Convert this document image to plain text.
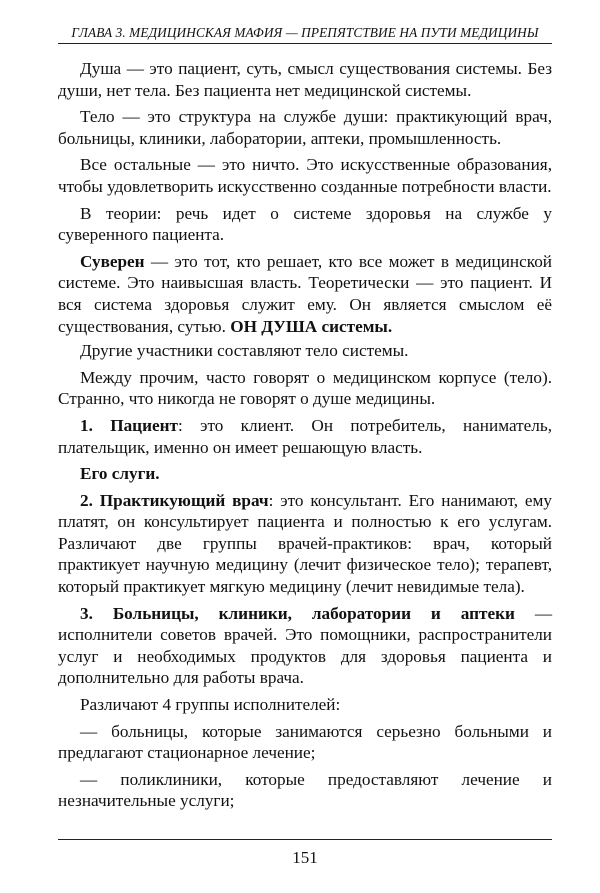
ГЛАВА 3. МЕДИЦИНСКАЯ МАФИЯ — ПРЕПЯТСТВИЕ НА ПУТИ МЕДИЦИНЫ

Душа — это пациент, суть, смысл существования системы. Без души, нет тела. Без пациента нет медицинской системы.

Тело — это структура на службе души: практикующий врач, больницы, клиники, лаборатории, аптеки, промышленность.

Все остальные — это ничто. Это искусственные образования, чтобы удовлетворить искусственно созданные потребности власти.

В теории: речь идет о системе здоровья на службе у суверенного пациента.

Суверен — это тот, кто решает, кто все может в медицинской системе. Это наивысшая власть. Теоретически — это пациент. И вся система здоровья служит ему. Он является смыслом её существования, сутью. ОН ДУША системы.

Другие участники составляют тело системы.

Между прочим, часто говорят о медицинском корпусе (тело). Странно, что никогда не говорят о душе медицины.

1. Пациент: это клиент. Он потребитель, наниматель, плательщик, именно он имеет решающую власть.

Его слуги.

2. Практикующий врач: это консультант. Его нанимают, ему платят, он консультирует пациента и полностью к его услугам. Различают две группы врачей-практиков: врач, который практикует научную медицину (лечит физическое тело); терапевт, который практикует мягкую медицину (лечит невидимые тела).

3. Больницы, клиники, лаборатории и аптеки — исполнители советов врачей. Это помощники, распространители услуг и необходимых продуктов для здоровья пациента и дополнительно для работы врача.

Различают 4 группы исполнителей:

— больницы, которые занимаются серьезно больными и предлагают стационарное лечение;

— поликлиники, которые предоставляют лечение и незначительные услуги;

151
